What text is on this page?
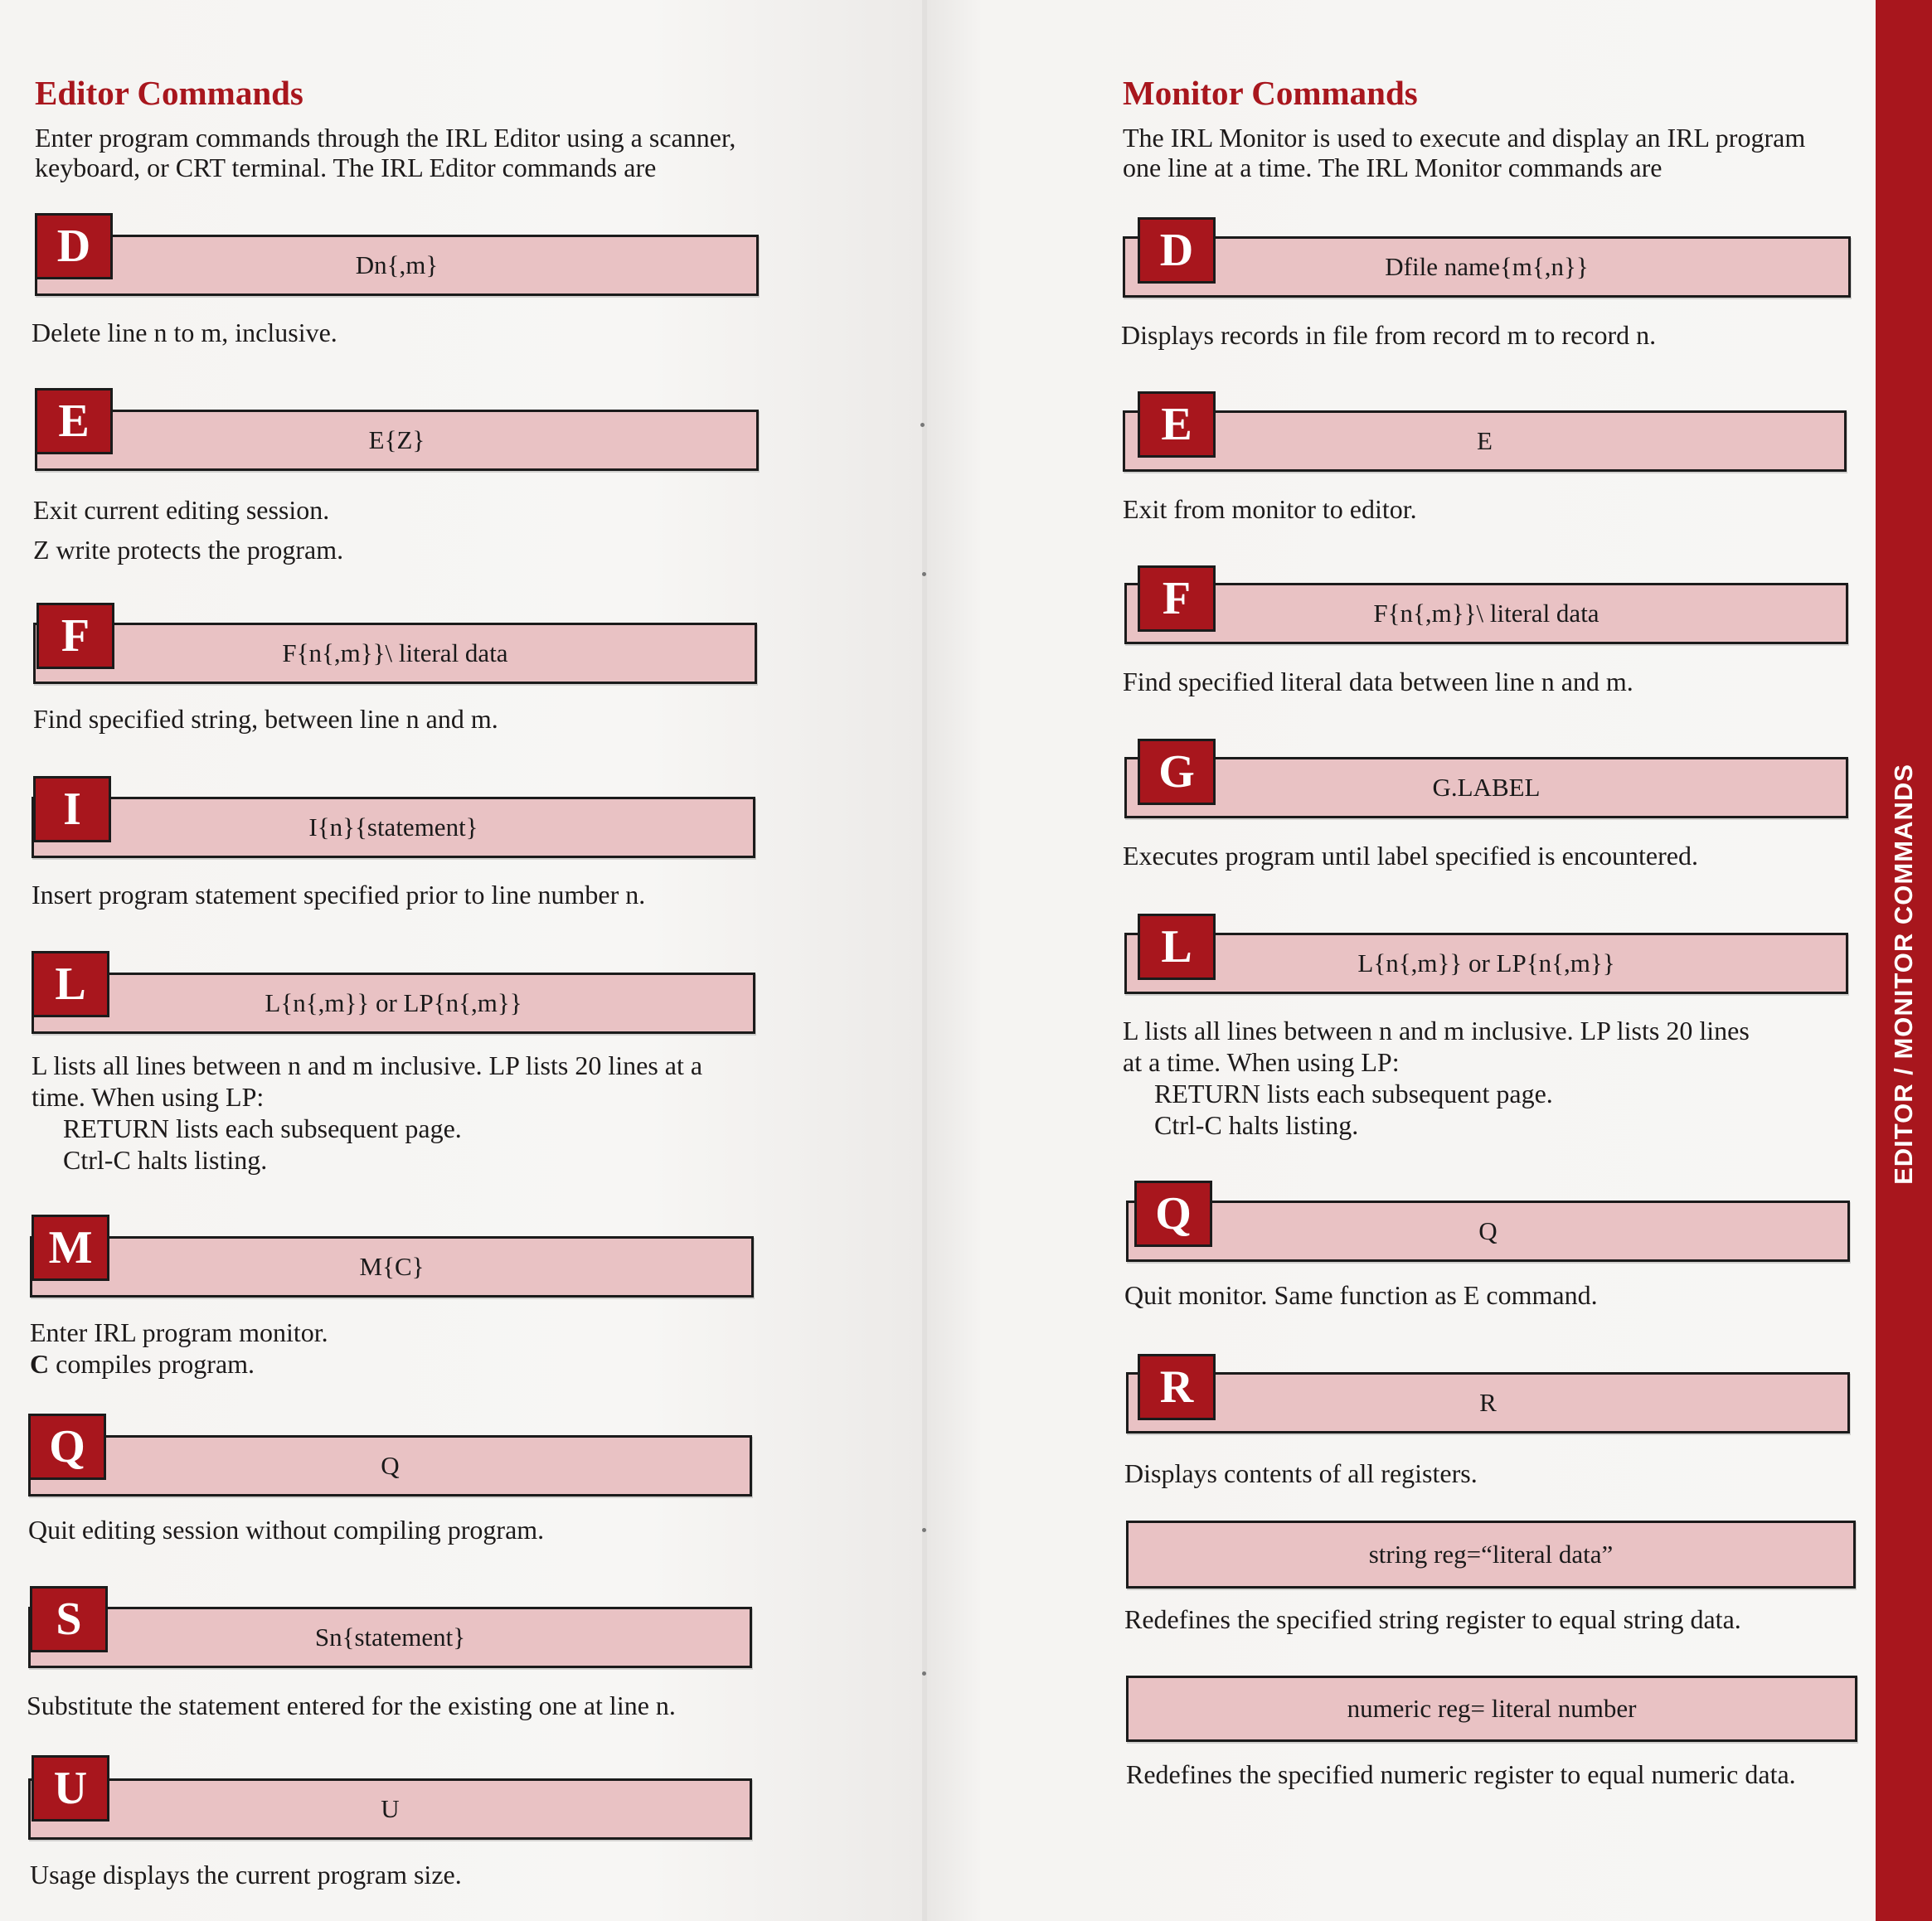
EDITOR / MONITOR COMMANDS
Editor Commands

Enter program commands through the IRL Editor using a scanner,
keyboard, or CRT terminal. The IRL Editor commands are

Dn{,m}
D

Delete line n to m, inclusive.

E{Z}
E

Exit current editing session.
Z write protects the program.

F{n{,m}}\ literal data
F

Find specified string, between line n and m.

I{n}{statement}
I

Insert program statement specified prior to line number n.

L{n{,m}} or LP{n{,m}}
L

L lists all lines between n and m inclusive. LP lists 20 lines at a
time. When using LP:
RETURN lists each subsequent page.
Ctrl-C halts listing.

M{C}
M

Enter IRL program monitor.
C compiles program.

Q
Q

Quit editing session without compiling program.

Sn{statement}
S

Substitute the statement entered for the existing one at line n.

U
U

Usage displays the current program size.

Monitor Commands

The IRL Monitor is used to execute and display an IRL program
one line at a time. The IRL Monitor commands are

Dfile name{m{,n}}
D

Displays records in file from record m to record n.

E
E

Exit from monitor to editor.

F{n{,m}}\ literal data
F

Find specified literal data between line n and m.

G.LABEL
G

Executes program until label specified is encountered.

L{n{,m}} or LP{n{,m}}
L

L lists all lines between n and m inclusive. LP lists 20 lines
at a time. When using LP:
RETURN lists each subsequent page.
Ctrl-C halts listing.

Q
Q

Quit monitor. Same function as E command.

R
R

Displays contents of all registers.

string reg=“literal data”

Redefines the specified string register to equal string data.

numeric reg= literal number

Redefines the specified numeric register to equal numeric data.
